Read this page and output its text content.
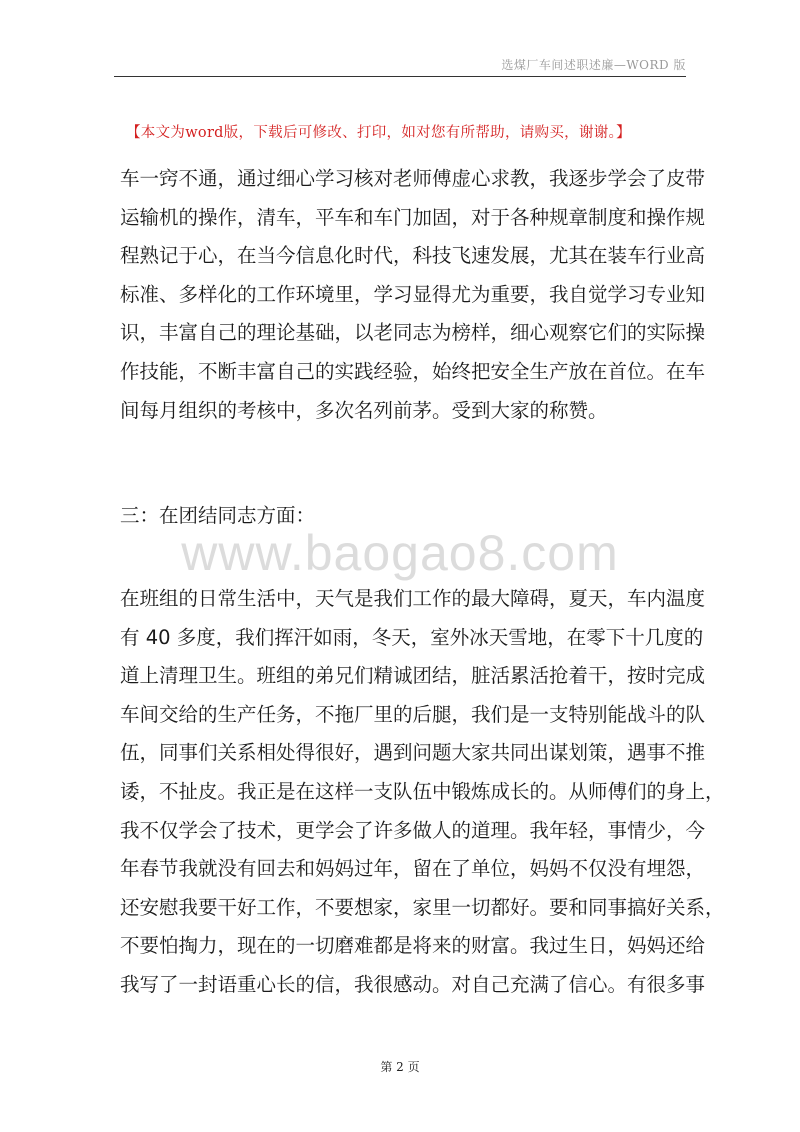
选煤厂车间述职述廉—WORD 版
【本文为word版，下载后可修改、打印，如对您有所帮助，请购买，谢谢。】
车一窍不通，通过细心学习核对老师傅虚心求教，我逐步学会了皮带
运输机的操作，清车，平车和车门加固，对于各种规章制度和操作规
程熟记于心，在当今信息化时代，科技飞速发展，尤其在装车行业高
标准、多样化的工作环境里，学习显得尤为重要，我自觉学习专业知
识，丰富自己的理论基础，以老同志为榜样，细心观察它们的实际操
作技能，不断丰富自己的实践经验，始终把安全生产放在首位。在车
间每月组织的考核中，多次名列前茅。受到大家的称赞。
三：在团结同志方面：
www.baogao8.com
在班组的日常生活中，天气是我们工作的最大障碍，夏天，车内温度
有 40 多度，我们挥汗如雨，冬天，室外冰天雪地，在零下十几度的
道上清理卫生。班组的弟兄们精诚团结，脏活累活抢着干，按时完成
车间交给的生产任务，不拖厂里的后腿，我们是一支特别能战斗的队
伍，同事们关系相处得很好，遇到问题大家共同出谋划策，遇事不推
诿，不扯皮。我正是在这样一支队伍中锻炼成长的。从师傅们的身上，
我不仅学会了技术，更学会了许多做人的道理。我年轻，事情少，今
年春节我就没有回去和妈妈过年，留在了单位，妈妈不仅没有埋怨，
还安慰我要干好工作，不要想家，家里一切都好。要和同事搞好关系，
不要怕掏力，现在的一切磨难都是将来的财富。我过生日，妈妈还给
我写了一封语重心长的信，我很感动。对自己充满了信心。有很多事
第 2 页
